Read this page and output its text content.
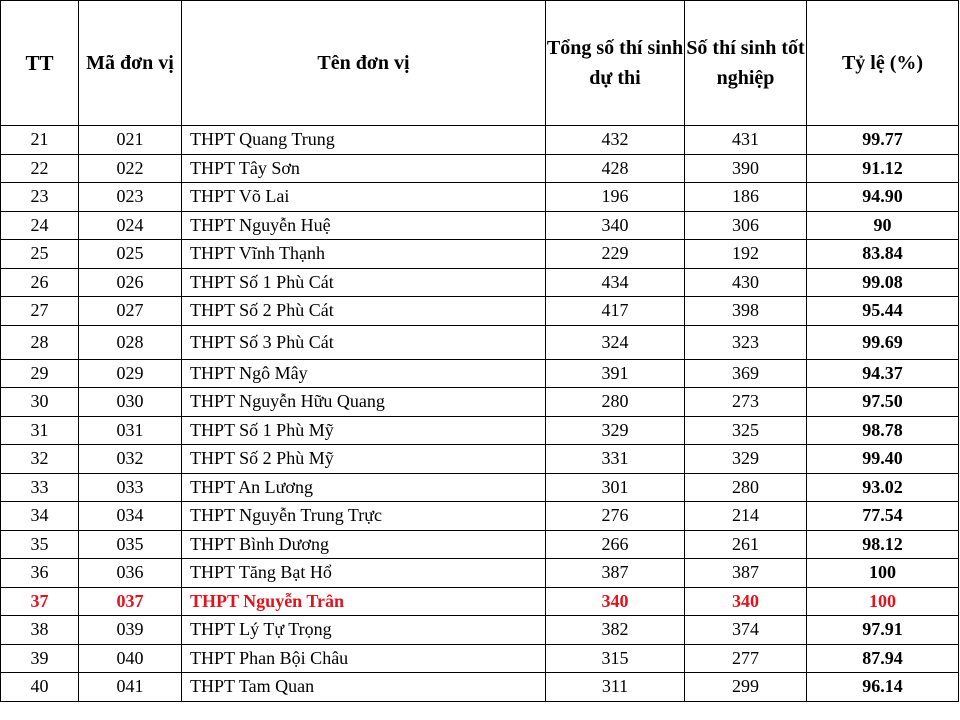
TT	Mã đơn vị	Tên đơn vị	Tổng số thí sinh dự thi	Số thí sinh tốt nghiệp	Tỷ lệ (%)
21	021	THPT Quang Trung	432	431	99.77
22	022	THPT Tây Sơn	428	390	91.12
23	023	THPT Võ Lai	196	186	94.90
24	024	THPT Nguyễn Huệ	340	306	90
25	025	THPT Vĩnh Thạnh	229	192	83.84
26	026	THPT Số 1 Phù Cát	434	430	99.08
27	027	THPT Số 2 Phù Cát	417	398	95.44
28	028	THPT Số 3 Phù Cát	324	323	99.69
29	029	THPT Ngô Mây	391	369	94.37
30	030	THPT Nguyễn Hữu Quang	280	273	97.50
31	031	THPT Số 1 Phù Mỹ	329	325	98.78
32	032	THPT Số 2 Phù Mỹ	331	329	99.40
33	033	THPT An Lương	301	280	93.02
34	034	THPT Nguyễn Trung Trực	276	214	77.54
35	035	THPT Bình Dương	266	261	98.12
36	036	THPT Tăng Bạt Hổ	387	387	100
37	037	THPT Nguyễn Trân	340	340	100
38	039	THPT Lý Tự Trọng	382	374	97.91
39	040	THPT Phan Bội Châu	315	277	87.94
40	041	THPT Tam Quan	311	299	96.14
